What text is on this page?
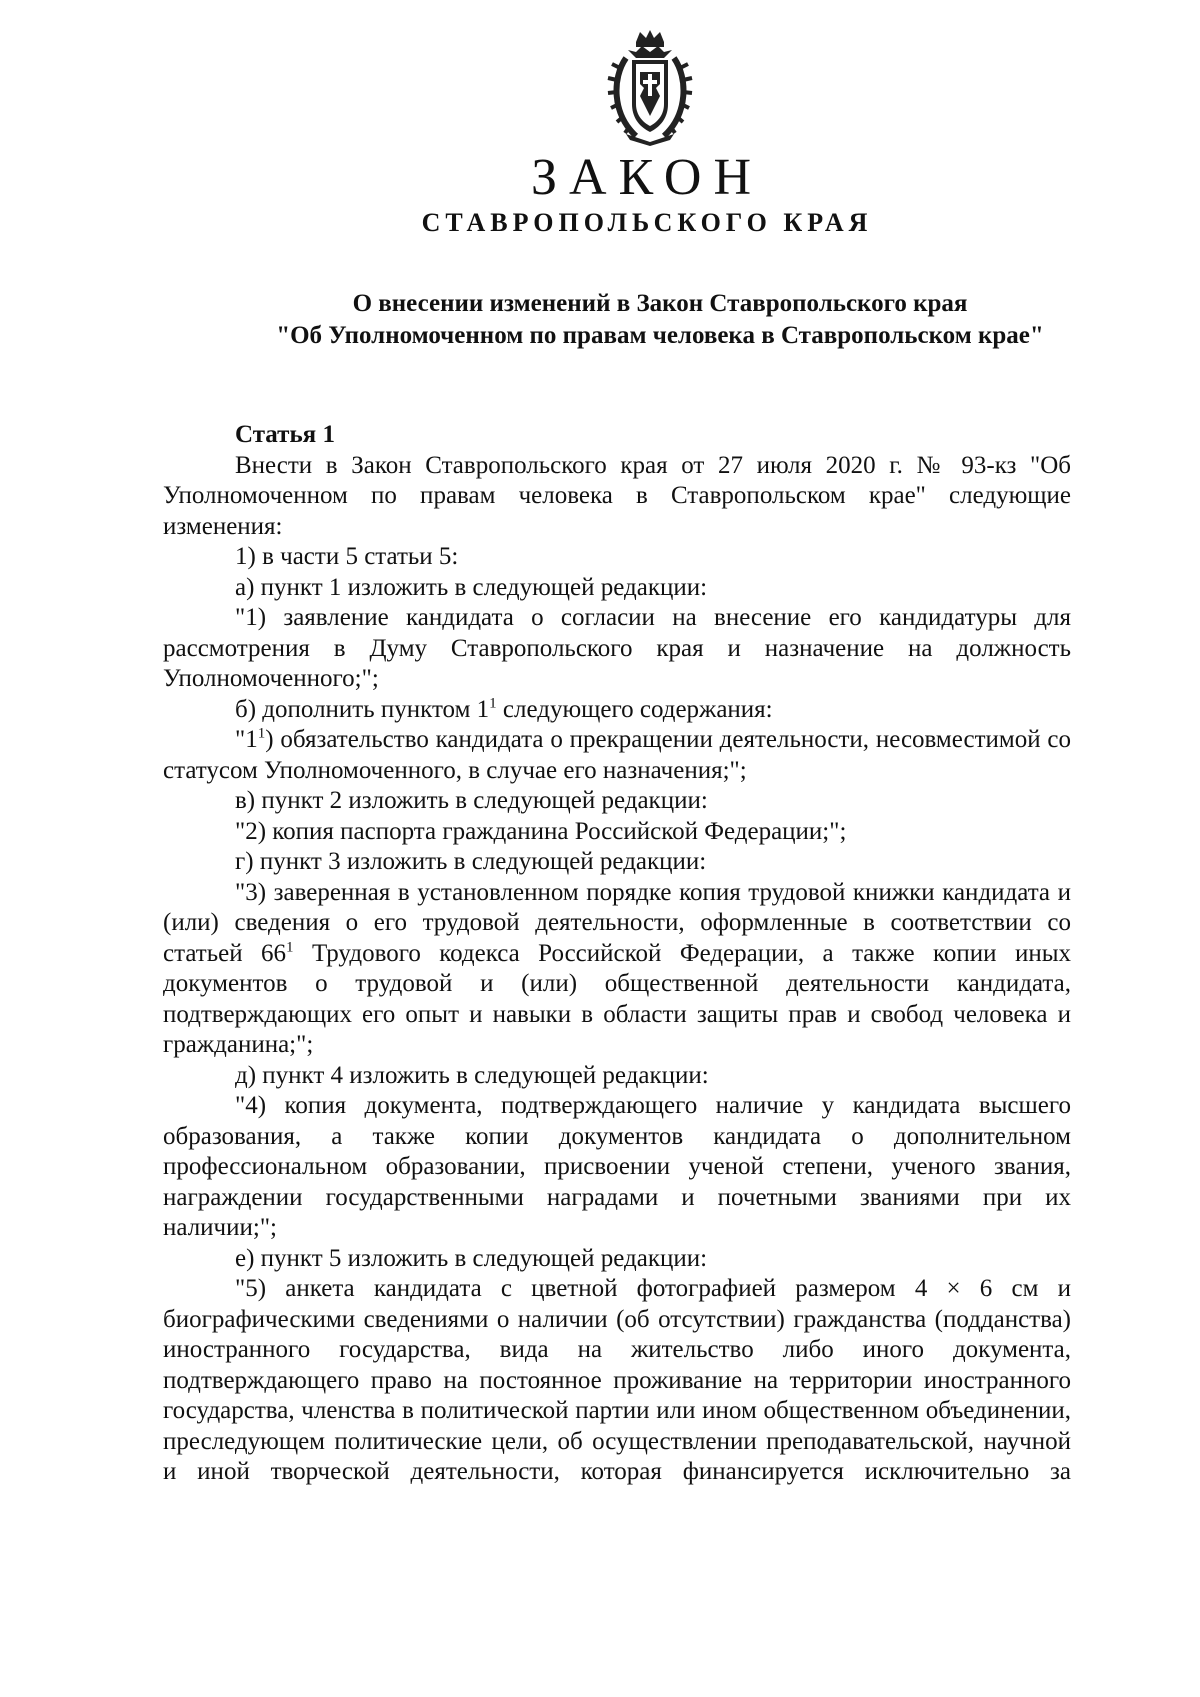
ЗАКОН
СТАВРОПОЛЬСКОГО КРАЯ
О внесении изменений в Закон Ставропольского края
"Об Уполномоченном по правам человека в Ставропольском крае"
Статья 1

Внести в Закон Ставропольского края от 27 июля 2020 г. № 93-кз "Об Уполномоченном по правам человека в Ставропольском крае" следующие изменения:

1) в части 5 статьи 5:

а) пункт 1 изложить в следующей редакции:

"1) заявление кандидата о согласии на внесение его кандидатуры для рассмотрения в Думу Ставропольского края и назначение на должность Уполномоченного;";

б) дополнить пунктом $1^1$ следующего содержания:

"$1^1$) обязательство кандидата о прекращении деятельности, несовместимой со статусом Уполномоченного, в случае его назначения;";

в) пункт 2 изложить в следующей редакции:

"2) копия паспорта гражданина Российской Федерации;";

г) пункт 3 изложить в следующей редакции:

"3) заверенная в установленном порядке копия трудовой книжки кандидата и (или) сведения о его трудовой деятельности, оформленные в соответствии со статьей $66^1$ Трудового кодекса Российской Федерации, а также копии иных документов о трудовой и (или) общественной деятельности кандидата, подтверждающих его опыт и навыки в области защиты прав и свобод человека и гражданина;";

д) пункт 4 изложить в следующей редакции:

"4) копия документа, подтверждающего наличие у кандидата высшего образования, а также копии документов кандидата о дополнительном профессиональном образовании, присвоении ученой степени, ученого звания, награждении государственными наградами и почетными званиями при их наличии;";

е) пункт 5 изложить в следующей редакции:

"5) анкета кандидата с цветной фотографией размером 4 × 6 см и биографическими сведениями о наличии (об отсутствии) гражданства (подданства) иностранного государства, вида на жительство либо иного документа, подтверждающего право на постоянное проживание на территории иностранного государства, членства в политической партии или ином общественном объединении, преследующем политические цели, об осуществлении преподавательской, научной и иной творческой деятельности, которая финансируется исключительно за
